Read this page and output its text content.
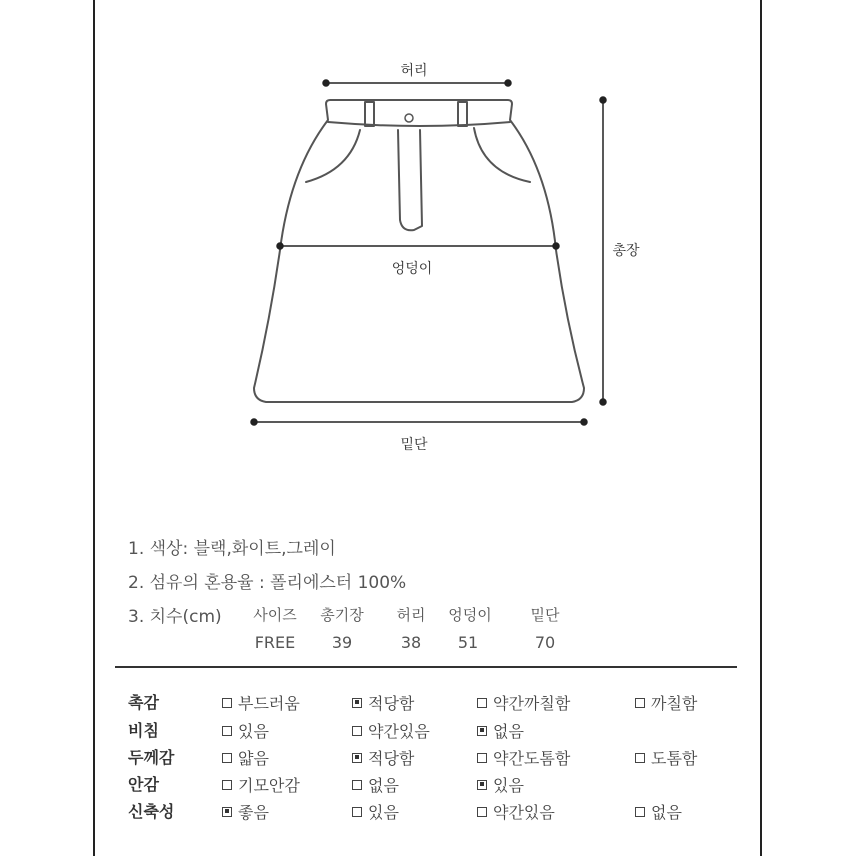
허리
엉덩이
총장
밑단
1. 색상: 블랙,화이트,그레이
2. 섬유의 혼용율 : 폴리에스터 100%
3. 치수(cm) 사이즈 총기장 허리 엉덩이	밑단
FREE 39	38 51	70
촉감	부드러움	적당함	약간까칠함	까칠함
비침	있음	약간있음	없음
두께감	얇음	적당함	약간도톰함	도톰함
안감	기모안감	없음	있음
신축성	좋음	있음	약간있음	없음
